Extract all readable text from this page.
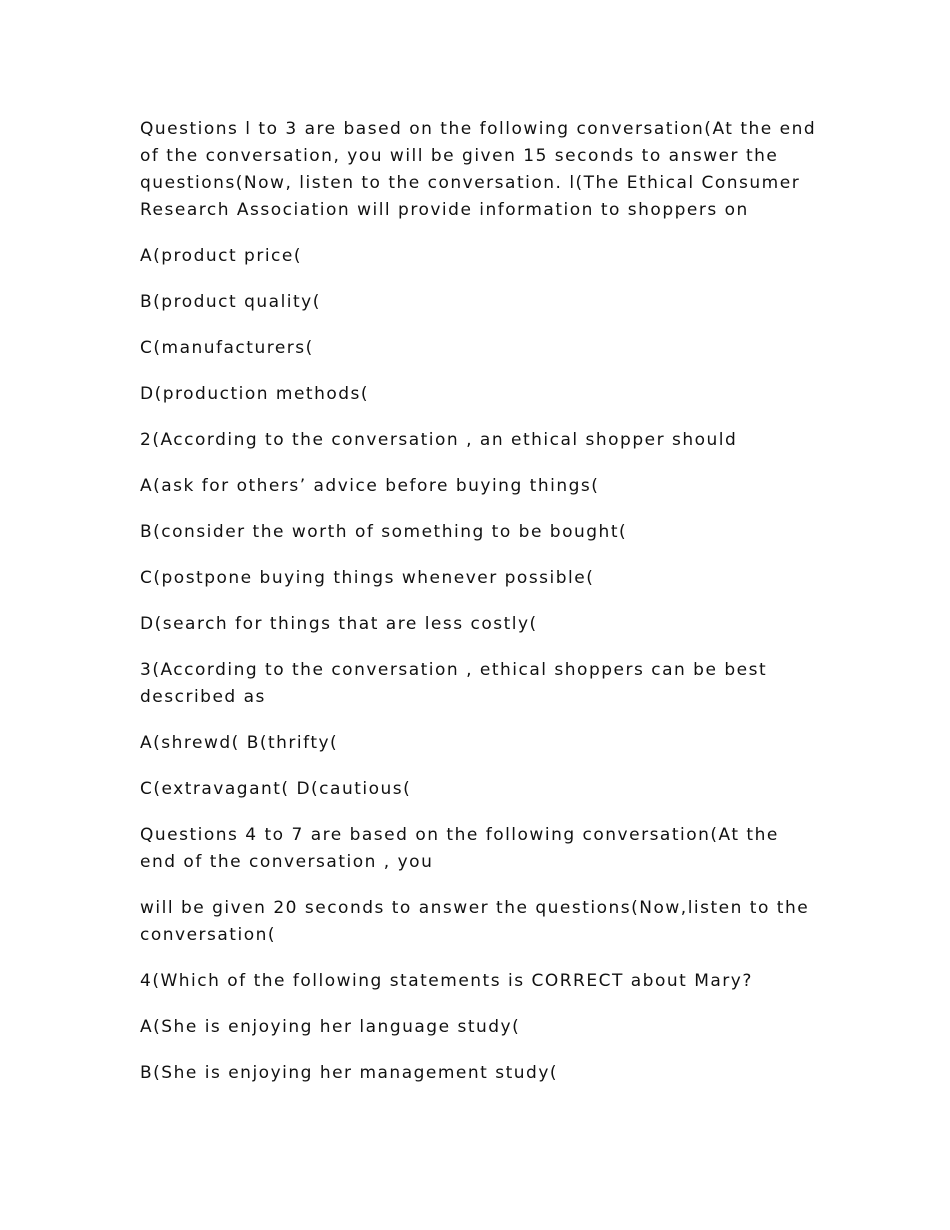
Questions l to 3 are based on the following conversation(At the end of the conversation, you will be given 15 seconds to answer the questions(Now, listen to the conversation. l(The Ethical Consumer Research Association will provide information to shoppers on

A(product price(

B(product quality(

C(manufacturers(

D(production methods(

2(According to the conversation , an ethical shopper should

A(ask for others’ advice before buying things(

B(consider the worth of something to be bought(

C(postpone buying things whenever possible(

D(search for things that are less costly(

3(According to the conversation , ethical shoppers can be best described as

A(shrewd( B(thrifty(

C(extravagant( D(cautious(

Questions 4 to 7 are based on the following conversation(At the end of the conversation , you

will be given 20 seconds to answer the questions(Now,listen to the conversation(

4(Which of the following statements is CORRECT about Mary?

A(She is enjoying her language study(

B(She is enjoying her management study(
